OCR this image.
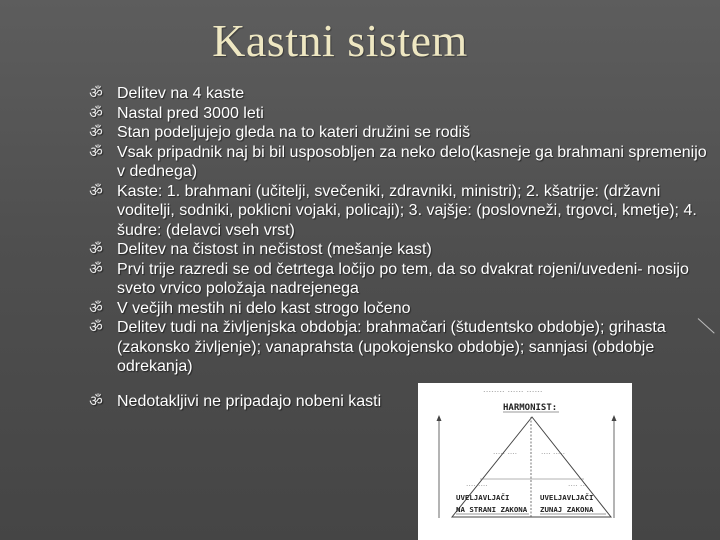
Kastni sistem
ॐ Delitev na 4 kaste
ॐ Nastal pred 3000 leti
ॐ Stan podeljujejo gleda na to kateri družini se rodiš
ॐ Vsak pripadnik naj bi bil usposobljen za neko delo(kasneje ga brahmani spremenijo v dednega)
ॐ Kaste: 1. brahmani (učitelji, svečeniki, zdravniki, ministri); 2. kšatrije: (državni voditelji, sodniki, poklicni vojaki, policaji); 3. vajšje: (poslovneži, trgovci, kmetje); 4. šudre: (delavci vseh vrst)
ॐ Delitev na čistost in nečistost (mešanje kast)
ॐ Prvi trije razredi se od četrtega ločijo po tem, da so dvakrat rojeni/uvedeni- nosijo sveto vrvico položaja nadrejenega
ॐ V večjih mestih ni delo kast strogo ločeno
ॐ Delitev tudi na življenjska obdobja: brahmačari (študentsko obdobje); grihasta (zakonsko življenje); vanaprahsta (upokojensko obdobje); sannjasi (obdobje odrekanja)
ॐ Nedotakljivi ne pripadajo nobeni kasti	-------- ------ ------
HARMONIST:
----- ----	---- -----
---- ----	---- ---
UVELJAVLJAČI
NA STRANI ZAKONA
UVELJAVLJAČI
ZUNAJ ZAKONA
